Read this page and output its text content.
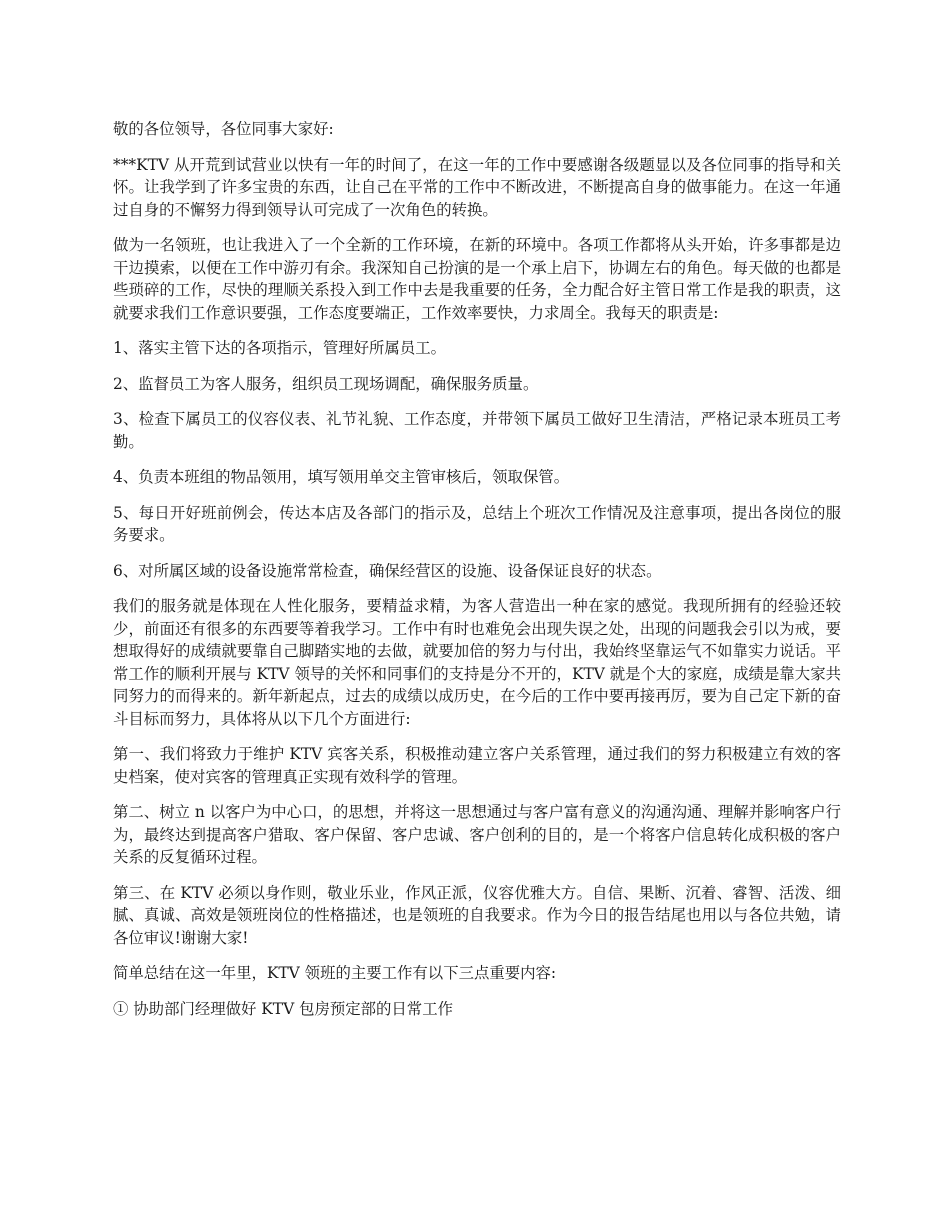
敬的各位领导，各位同事大家好:

***KTV 从开荒到试营业以快有一年的时间了，在这一年的工作中要感谢各级题显以及各位同事的指导和关怀。让我学到了许多宝贵的东西，让自己在平常的工作中不断改进，不断提高自身的做事能力。在这一年通过自身的不懈努力得到领导认可完成了一次角色的转换。

做为一名领班，也让我进入了一个全新的工作环境，在新的环境中。各项工作都将从头开始，许多事都是边干边摸索，以便在工作中游刃有余。我深知自己扮演的是一个承上启下，协调左右的角色。每天做的也都是些琐碎的工作，尽快的理顺关系投入到工作中去是我重要的任务，全力配合好主管日常工作是我的职责，这就要求我们工作意识要强，工作态度要端正，工作效率要快，力求周全。我每天的职责是:

1、落实主管下达的各项指示，管理好所属员工。

2、监督员工为客人服务，组织员工现场调配，确保服务质量。

3、检查下属员工的仪容仪表、礼节礼貌、工作态度，并带领下属员工做好卫生清洁，严格记录本班员工考勤。

4、负责本班组的物品领用，填写领用单交主管审核后，领取保管。

5、每日开好班前例会，传达本店及各部门的指示及，总结上个班次工作情况及注意事项，提出各岗位的服务要求。

6、对所属区域的设备设施常常检查，确保经营区的设施、设备保证良好的状态。

我们的服务就是体现在人性化服务，要精益求精，为客人营造出一种在家的感觉。我现所拥有的经验还较少，前面还有很多的东西要等着我学习。工作中有时也难免会出现失误之处，出现的问题我会引以为戒，要想取得好的成绩就要靠自己脚踏实地的去做，就要加倍的努力与付出，我始终坚靠运气不如靠实力说话。平常工作的顺利开展与 KTV 领导的关怀和同事们的支持是分不开的，KTV 就是个大的家庭，成绩是靠大家共同努力的而得来的。新年新起点，过去的成绩以成历史，在今后的工作中要再接再厉，要为自己定下新的奋斗目标而努力，具体将从以下几个方面进行:

第一、我们将致力于维护 KTV 宾客关系，积极推动建立客户关系管理，通过我们的努力积极建立有效的客史档案，使对宾客的管理真正实现有效科学的管理。

第二、树立 n 以客户为中心口，的思想，并将这一思想通过与客户富有意义的沟通沟通、理解并影响客户行为，最终达到提高客户猎取、客户保留、客户忠诚、客户创利的目的，是一个将客户信息转化成积极的客户关系的反复循环过程。

第三、在 KTV 必须以身作则，敬业乐业，作风正派，仪容优雅大方。自信、果断、沉着、睿智、活泼、细腻、真诚、高效是领班岗位的性格描述，也是领班的自我要求。作为今日的报告结尾也用以与各位共勉，请各位审议!谢谢大家!

简单总结在这一年里，KTV 领班的主要工作有以下三点重要内容:

① 协助部门经理做好 KTV 包房预定部的日常工作
